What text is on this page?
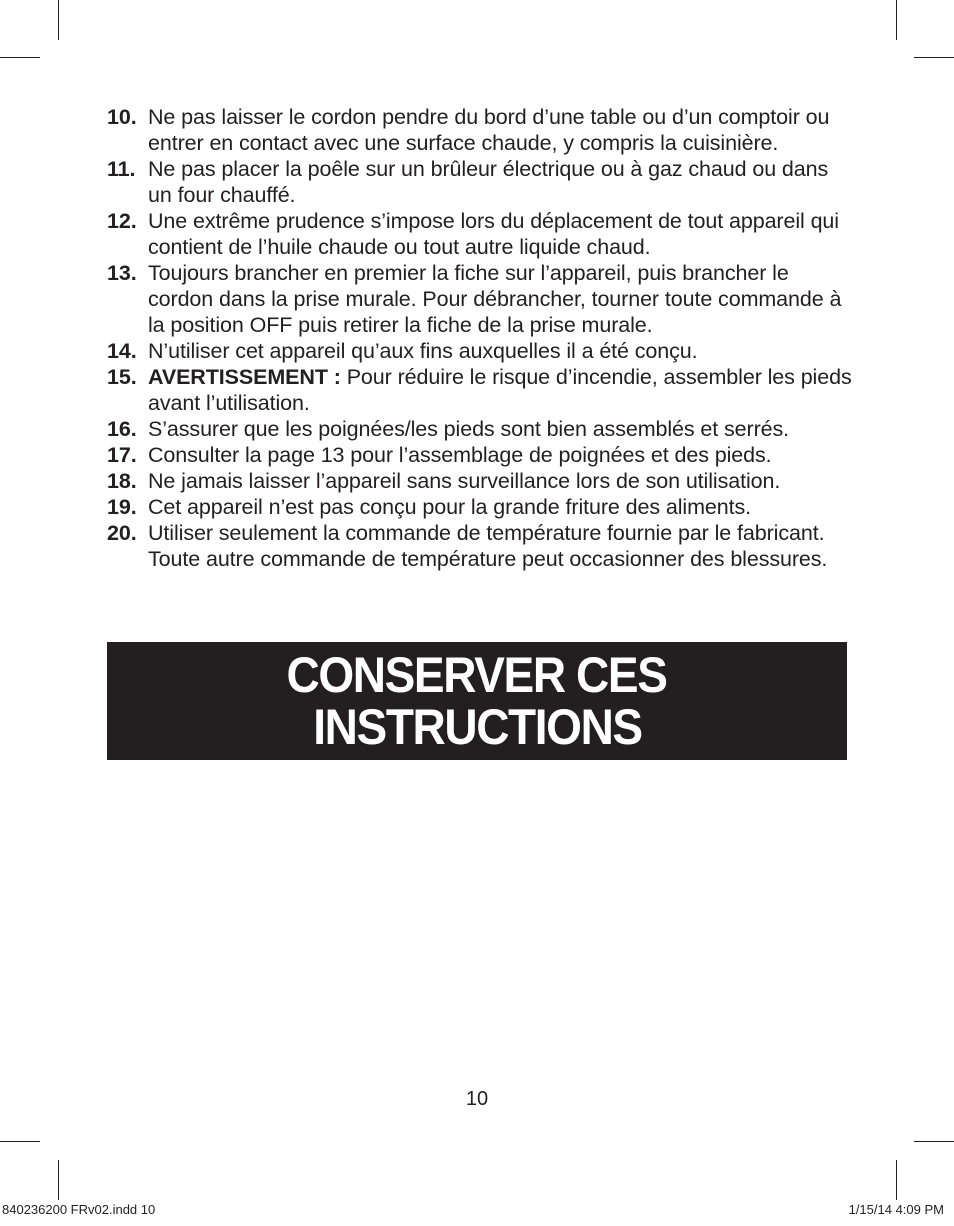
10. Ne pas laisser le cordon pendre du bord d’une table ou d’un comptoir ou entrer en contact avec une surface chaude, y compris la cuisinière.
11. Ne pas placer la poêle sur un brûleur électrique ou à gaz chaud ou dans un four chauffé.
12. Une extrême prudence s’impose lors du déplacement de tout appareil qui contient de l’huile chaude ou tout autre liquide chaud.
13. Toujours brancher en premier la fiche sur l’appareil, puis brancher le cordon dans la prise murale. Pour débrancher, tourner toute commande à la position OFF puis retirer la fiche de la prise murale.
14. N’utiliser cet appareil qu’aux fins auxquelles il a été conçu.
15. AVERTISSEMENT : Pour réduire le risque d’incendie, assembler les pieds avant l’utilisation.
16. S’assurer que les poignées/les pieds sont bien assemblés et serrés.
17. Consulter la page 13 pour l’assemblage de poignées et des pieds.
18. Ne jamais laisser l’appareil sans surveillance lors de son utilisation.
19. Cet appareil n’est pas conçu pour la grande friture des aliments.
20. Utiliser seulement la commande de température fournie par le fabricant. Toute autre commande de température peut occasionner des blessures.
CONSERVER CES
INSTRUCTIONS
10
840236200 FRv02.indd 10	1/15/14 4:09 PM
